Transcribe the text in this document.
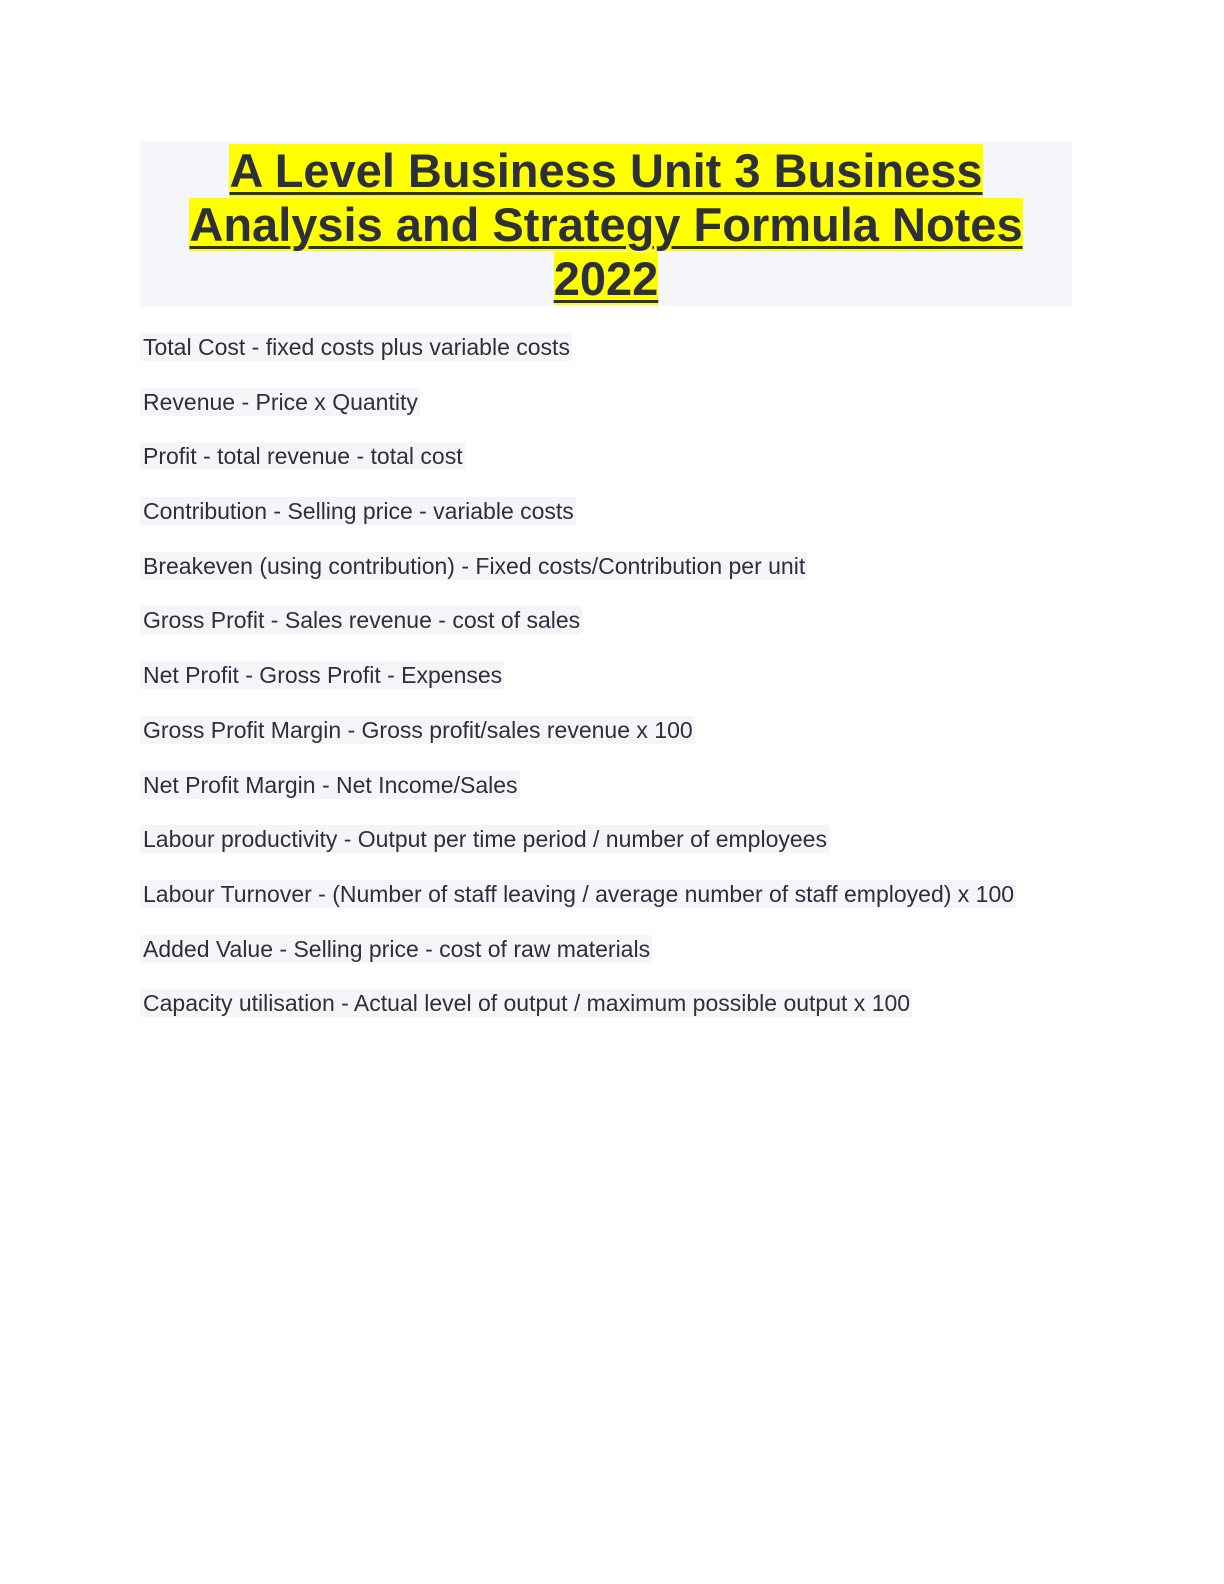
A Level Business Unit 3 Business Analysis and Strategy Formula Notes 2022
Total Cost - fixed costs plus variable costs
Revenue - Price x Quantity
Profit - total revenue - total cost
Contribution - Selling price - variable costs
Breakeven (using contribution) - Fixed costs/Contribution per unit
Gross Profit - Sales revenue - cost of sales
Net Profit - Gross Profit - Expenses
Gross Profit Margin - Gross profit/sales revenue x 100
Net Profit Margin - Net Income/Sales
Labour productivity - Output per time period / number of employees
Labour Turnover - (Number of staff leaving / average number of staff employed) x 100
Added Value - Selling price - cost of raw materials
Capacity utilisation - Actual level of output / maximum possible output x 100
